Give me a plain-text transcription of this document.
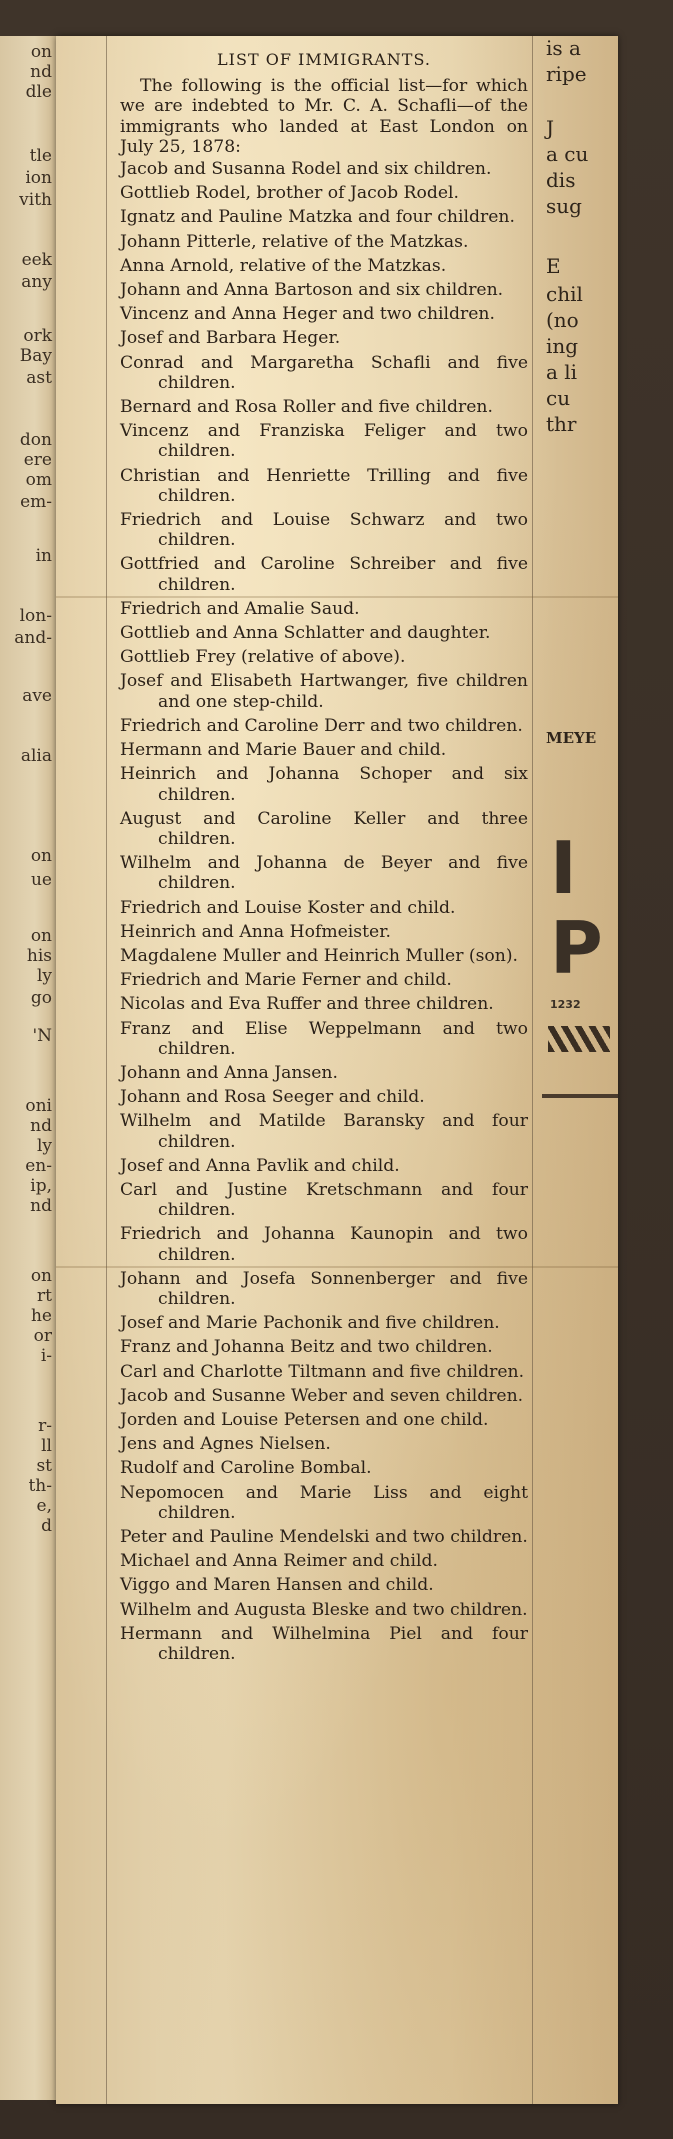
on
nd
dle
tle
ion
vith
eek
any
ork
Bay
ast
don
ere
om
em-
in
lon-
and-
ave
alia
on
ue
on
his
ly
go
'N
oni
nd
ly
en-
ip,
nd
on
rt
he
or
i-
r-
ll
st
th-
e,
d
LIST OF IMMIGRANTS.
The following is the official list—for which we are indebted to Mr. C. A. Schafli—of the immigrants who landed at East London on July 25, 1878:
Jacob and Susanna Rodel and six children.
Gottlieb Rodel, brother of Jacob Rodel.
Ignatz and Pauline Matzka and four children.
Johann Pitterle, relative of the Matzkas.
Anna Arnold, relative of the Matzkas.
Johann and Anna Bartoson and six children.
Vincenz and Anna Heger and two children.
Josef and Barbara Heger.
Conrad and Margaretha Schafli and five children.
Bernard and Rosa Roller and five children.
Vincenz and Franziska Feliger and two children.
Christian and Henriette Trilling and five children.
Friedrich and Louise Schwarz and two children.
Gottfried and Caroline Schreiber and five children.
Friedrich and Amalie Saud.
Gottlieb and Anna Schlatter and daughter.
Gottlieb Frey (relative of above).
Josef and Elisabeth Hartwanger, five children and one step-child.
Friedrich and Caroline Derr and two children.
Hermann and Marie Bauer and child.
Heinrich and Johanna Schoper and six children.
August and Caroline Keller and three children.
Wilhelm and Johanna de Beyer and five children.
Friedrich and Louise Koster and child.
Heinrich and Anna Hofmeister.
Magdalene Muller and Heinrich Muller (son).
Friedrich and Marie Ferner and child.
Nicolas and Eva Ruffer and three children.
Franz and Elise Weppelmann and two children.
Johann and Anna Jansen.
Johann and Rosa Seeger and child.
Wilhelm and Matilde Baransky and four children.
Josef and Anna Pavlik and child.
Carl and Justine Kretschmann and four children.
Friedrich and Johanna Kaunopin and two children.
Johann and Josefa Sonnenberger and five children.
Josef and Marie Pachonik and five children.
Franz and Johanna Beitz and two children.
Carl and Charlotte Tiltmann and five children.
Jacob and Susanne Weber and seven children.
Jorden and Louise Petersen and one child.
Jens and Agnes Nielsen.
Rudolf and Caroline Bombal.
Nepomocen and Marie Liss and eight children.
Peter and Pauline Mendelski and two children.
Michael and Anna Reimer and child.
Viggo and Maren Hansen and child.
Wilhelm and Augusta Bleske and two children.
Hermann and Wilhelmina Piel and four children.
I
P
1232
is a
ripe
J
a cu
dis
sug
E
chil
(no
ing
a li
cu
thr
MEYE
